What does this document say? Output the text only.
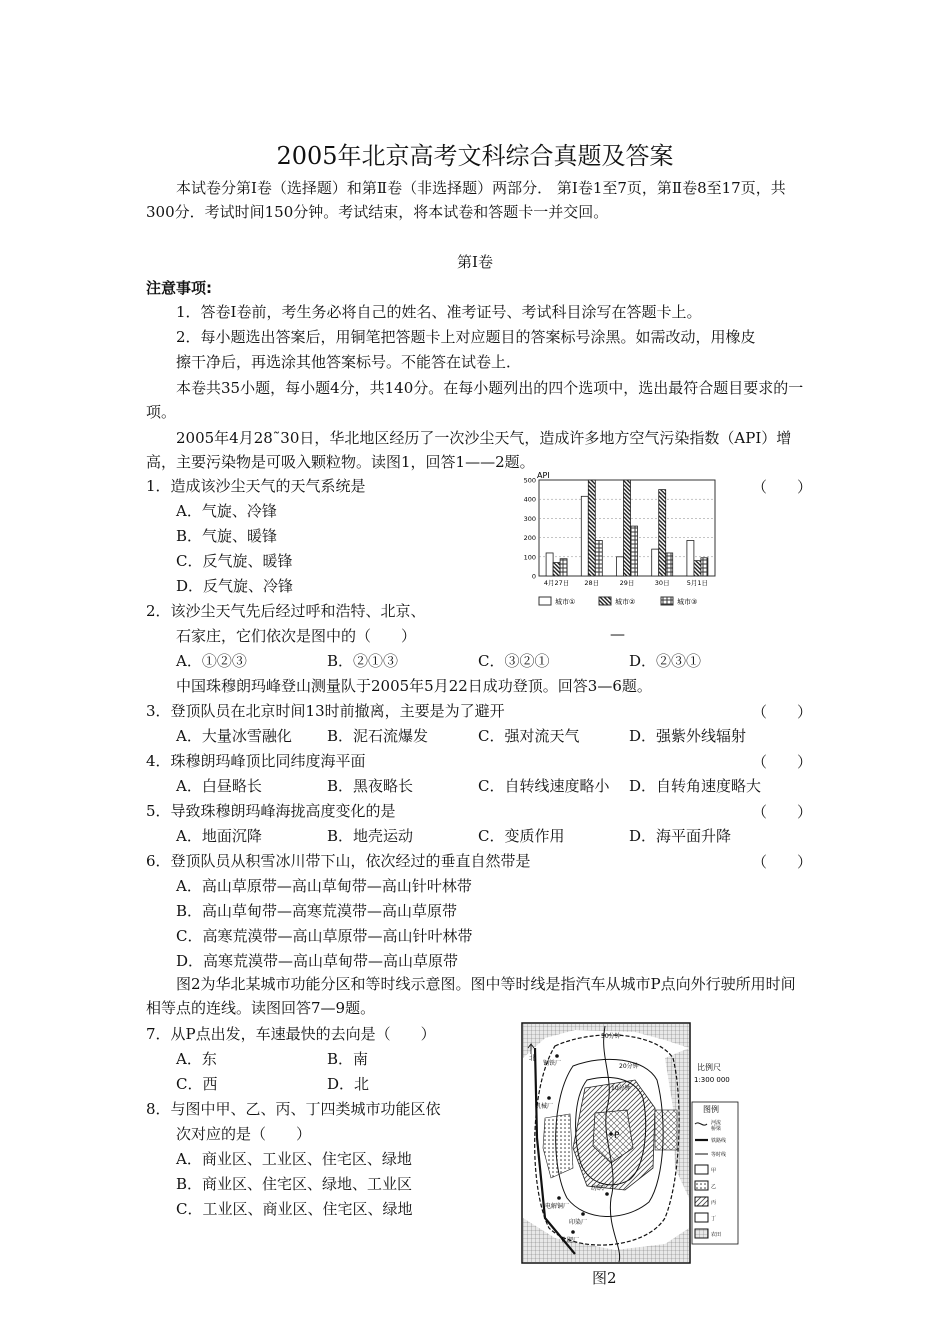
2005年北京高考文科综合真题及答案
本试卷分第Ⅰ卷（选择题）和第Ⅱ卷（非选择题）两部分． 第Ⅰ卷1至7页，第Ⅱ卷8至17页，共300分．考试时间150分钟。考试结束，将本试卷和答题卡一并交回。
第Ⅰ卷
注意事项:
1．答卷Ⅰ卷前，考生务必将自己的姓名、准考证号、考试科目涂写在答题卡上。
2．每小题选出答案后，用铜笔把答题卡上对应题目的答案标号涂黑。如需改动，用橡皮
擦干净后，再选涂其他答案标号。不能答在试卷上．
本卷共35小题，每小题4分，共140分。在每小题列出的四个选项中，选出最符合题目要求的一项。
2005年4月28˜30日，华北地区经历了一次沙尘天气，造成许多地方空气污染指数（API）增高，主要污染物是可吸入颗粒物。读图1，回答1——2题。
1．造成该沙尘天气的天气系统是	（　　）
A．气旋、冷锋
B．气旋、暖锋
C．反气旋、暖锋
D．反气旋、冷锋
API
0
100
200
300
400
500
4月27日 28日	29日	30日	5月1日
城市①	城市②	城市③
2．该沙尘天气先后经过呼和浩特、北京、
石家庄，它们依次是图中的（　　）	—
A．①②③	B．②①③	C．③②①	D．②③①
中国珠穆朗玛峰登山测量队于2005年5月22日成功登顶。回答3—6题。
3．登顶队员在北京时间13时前撤离，主要是为了避开	（　　）
A．大量冰雪融化 B．泥石流爆发	C．强对流天气	D．强紫外线辐射
4．珠穆朗玛峰顶比同纬度海平面	（　　）
A．白昼略长	B．黑夜略长	C．自转线速度略小 D．自转角速度略大
5．导致珠穆朗玛峰海拢高度变化的是	（　　）
A．地面沉降	B．地壳运动	C．变质作用	D．海平面升降
6．登顶队员从积雪冰川带下山，依次经过的垂直自然带是	（　　）
A．高山草原带—高山草甸带—高山针叶林带
B．高山草甸带—高寒荒漠带—高山草原带
C．高寒荒漠带—高山草原带—高山针叶林带
D．高寒荒漠带—高山草甸带—高山草原带
图2为华北某城市功能分区和等时线示意图。图中等时线是指汽车从城市P点向外行驶所用时间相等点的连线。读图回答7—9题。
7．从P点出发，车速最快的去向是（　　）
A．东	B．南
C．西	D．北
8．与图中甲、乙、丙、丁四类城市功能区依
次对应的是（　　）
A．商业区、工业区、住宅区、绿地
B．商业区、住宅区、绿地、工业区
C．工业区、商业区、住宅区、绿地
50分钟
20分钟
10分钟
北
钢铁厂
机械厂
P
电解铜厂
纺织厂
印染厂
化肥厂
比例尺
1:300 000
图例
河流
桥梁
铁路线
等时线
甲
乙
丙
丁
农田
图2
